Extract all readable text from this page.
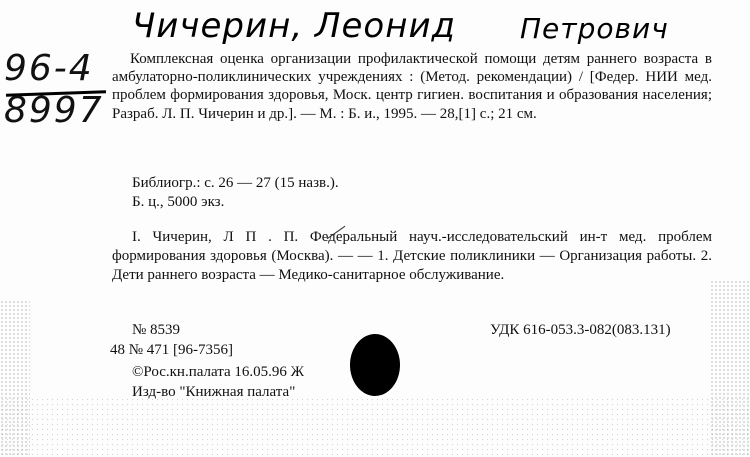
Чичерин, Леонид Петрович
96-4
8997

Комплексная оценка организации профилактической помощи детям раннего возраста в амбулаторно-поликлинических учреждениях : (Метод. рекомендации) / [Федер. НИИ мед. проблем формирования здоровья, Моск. центр гигиен. воспитания и образования населения; Разраб. Л. П. Чичерин и др.]. — М. : Б. и., 1995. — 28,[1] с.; 21 см.

Библиогр.: с. 26 — 27 (15 назв.).
Б. ц., 5000 экз.

I. Чичерин, Л П . П. Федеральный науч.-исследовательский ин-т мед. проблем формирования здоровья (Москва). — — 1. Детские поликлиники — Организация работы. 2. Дети раннего возраста — Медико-санитарное обслуживание.

№ 8539	УДК 616-053.3-082(083.131)
48 № 471 [96-7356]
©Рос.кн.палата 16.05.96 Ж
Изд-во "Книжная палата"
